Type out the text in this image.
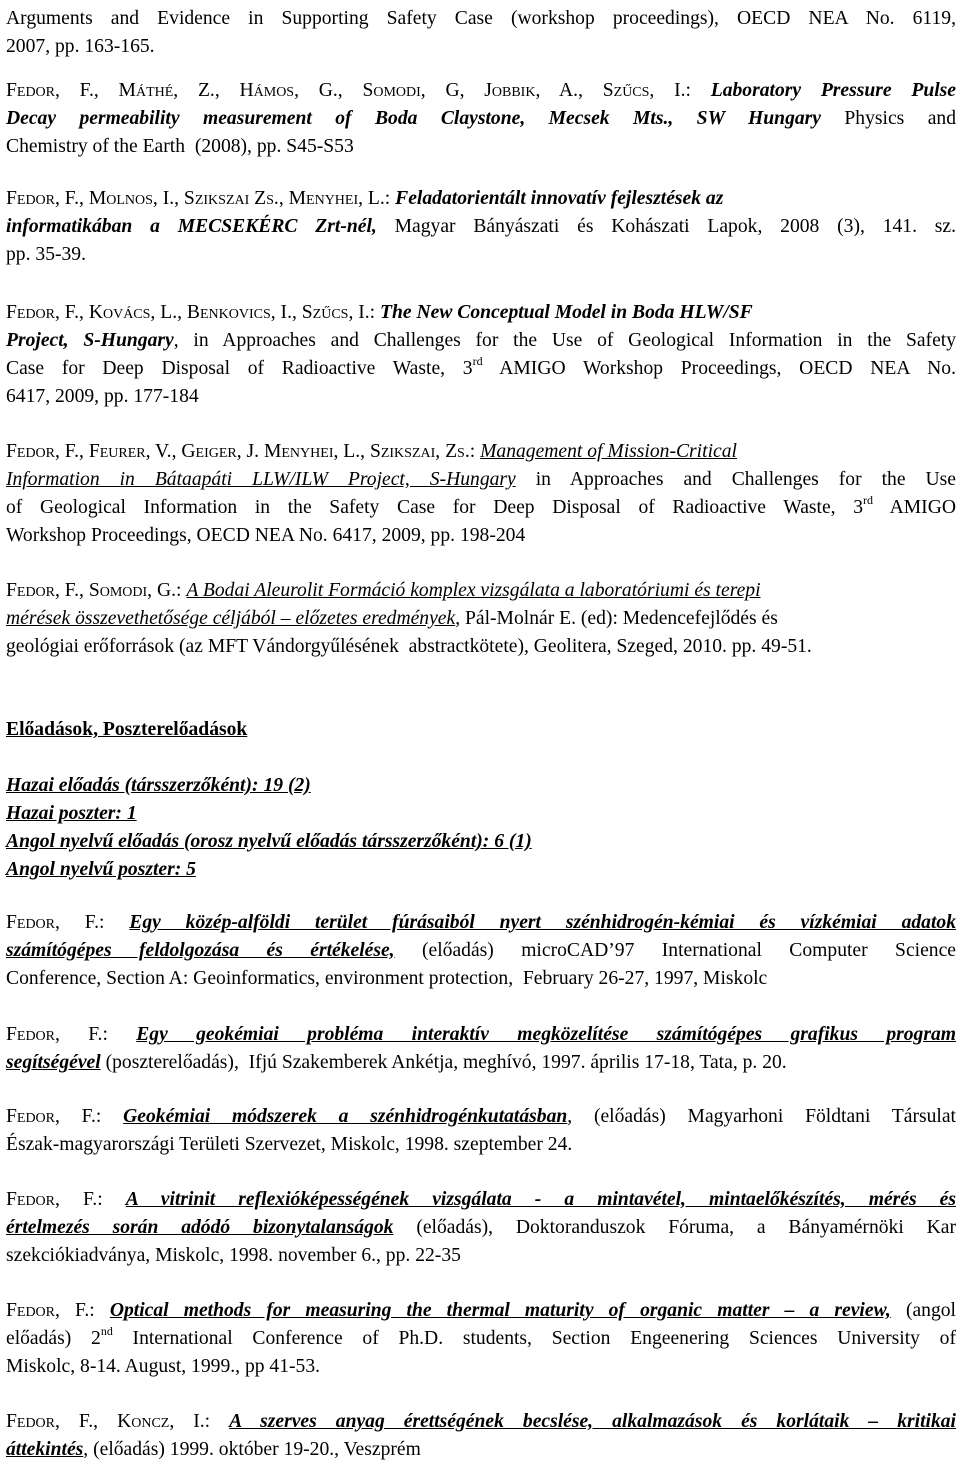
Arguments and Evidence in Supporting Safety Case (workshop proceedings), OECD NEA No. 6119,
2007, pp. 163-165.
Fedor, F., Máthé, Z., Hámos, G., Somodi, G, Jobbik, A., Szűcs, I.: Laboratory Pressure Pulse
Decay permeability measurement of Boda Claystone, Mecsek Mts., SW Hungary Physics and
Chemistry of the Earth  (2008), pp. S45-S53
Fedor, F., Molnos, I., Szikszai Zs., Menyhei, L.: Feladatorientált innovatív fejlesztések az
informatikában a MECSEKÉRC Zrt-nél, Magyar Bányászati és Kohászati Lapok, 2008 (3), 141. sz.
pp. 35-39.
Fedor, F., Kovács, L., Benkovics, I., Szűcs, I.: The New Conceptual Model in Boda HLW/SF
Project, S-Hungary, in Approaches and Challenges for the Use of Geological Information in the Safety
Case for Deep Disposal of Radioactive Waste, 3rd AMIGO Workshop Proceedings, OECD NEA No.
6417, 2009, pp. 177-184
Fedor, F., Feurer, V., Geiger, J. Menyhei, L., Szikszai, Zs.: Management of Mission-Critical
Information in Bátaapáti LLW/ILW Project, S-Hungary in Approaches and Challenges for the Use
of Geological Information in the Safety Case for Deep Disposal of Radioactive Waste, 3rd AMIGO
Workshop Proceedings, OECD NEA No. 6417, 2009, pp. 198-204
Fedor, F., Somodi, G.: A Bodai Aleurolit Formáció komplex vizsgálata a laboratóriumi és terepi
mérések összevethetősége céljából – előzetes eredmények, Pál-Molnár E. (ed): Medencefejlődés és
geológiai erőforrások (az MFT Vándorgyűlésének  abstractkötete), Geolitera, Szeged, 2010. pp. 49-51.
Előadások, Poszterelőadások
Hazai előadás (társszerzőként): 19 (2)
Hazai poszter: 1
Angol nyelvű előadás (orosz nyelvű előadás társszerzőként): 6 (1)
Angol nyelvű poszter: 5
Fedor, F.: Egy közép-alföldi terület fúrásaiból nyert szénhidrogén-kémiai és vízkémiai adatok
számítógépes feldolgozása és értékelése, (előadás) microCAD’97 International Computer Science
Conference, Section A: Geoinformatics, environment protection,  February 26-27, 1997, Miskolc
Fedor, F.: Egy geokémiai probléma interaktív megközelítése számítógépes grafikus program
segítségével (poszterelőadás),  Ifjú Szakemberek Ankétja, meghívó, 1997. április 17-18, Tata, p. 20.
Fedor, F.: Geokémiai módszerek a szénhidrogénkutatásban, (előadás) Magyarhoni Földtani Társulat
Észak-magyarországi Területi Szervezet, Miskolc, 1998. szeptember 24.
Fedor, F.: A vitrinit reflexióképességének vizsgálata - a mintavétel, mintaelőkészítés, mérés és
értelmezés során adódó bizonytalanságok (előadás), Doktoranduszok Fóruma, a Bányamérnöki Kar
szekciókiadványa, Miskolc, 1998. november 6., pp. 22-35
Fedor, F.: Optical methods for measuring the thermal maturity of organic matter – a review, (angol
előadás) 2nd International Conference of Ph.D. students, Section Engeenering Sciences University of
Miskolc, 8-14. August, 1999., pp 41-53.
Fedor, F., Koncz, I.: A szerves anyag érettségének becslése, alkalmazások és korlátaik – kritikai
áttekintés, (előadás) 1999. október 19-20., Veszprém
